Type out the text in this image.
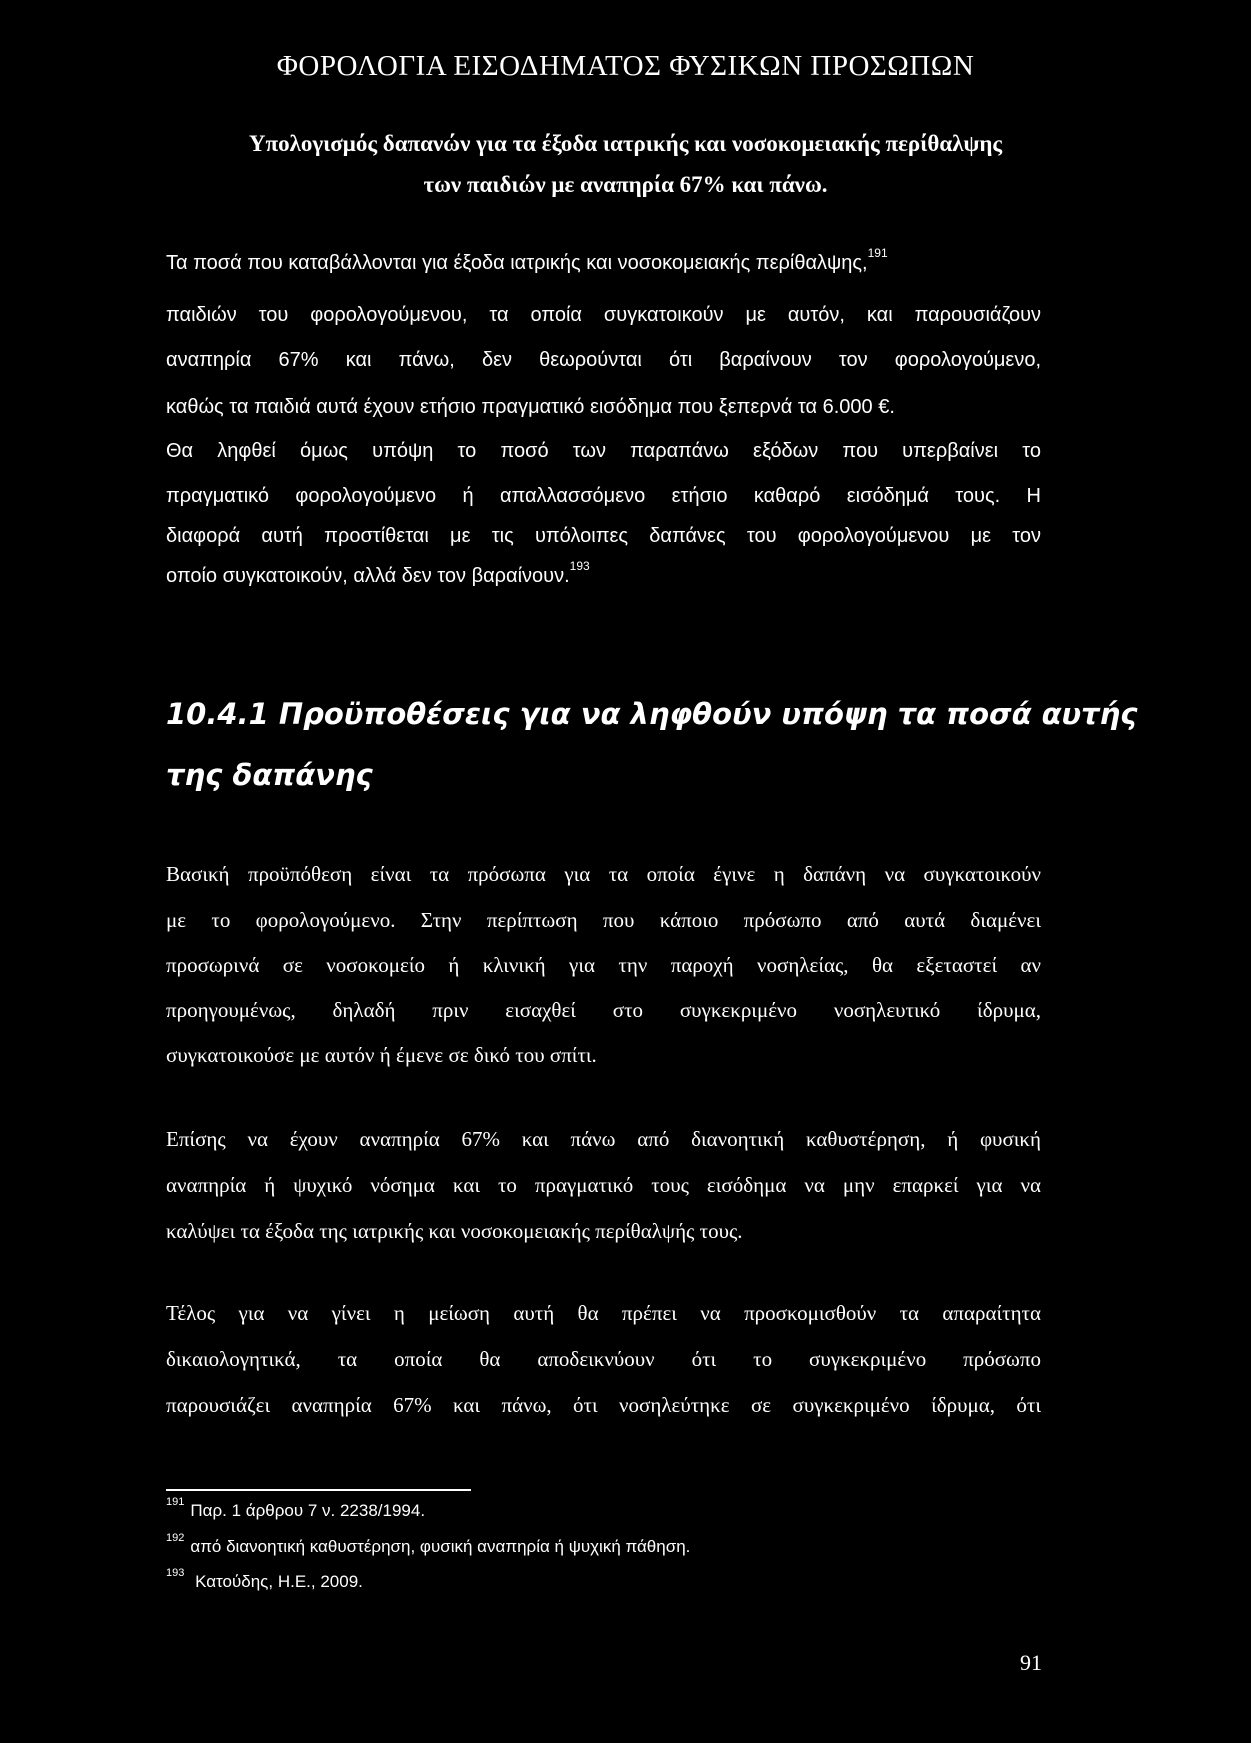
ΦΟΡΟΛΟΓΙΑ ΕΙΣΟΔΗΜΑΤΟΣ ΦΥΣΙΚΩΝ ΠΡΟΣΩΠΩΝ
Υπολογισμός δαπανών για τα έξοδα ιατρικής και νοσοκομειακής περίθαλψης
των παιδιών με αναπηρία 67% και πάνω.
Τα ποσά που καταβάλλονται για έξοδα ιατρικής και νοσοκομειακής περίθαλψης,$^{191}$
παιδιών του φορολογούμενου, τα οποία συγκατοικούν με αυτόν, και παρουσιάζουν
αναπηρία 67% και πάνω, δεν θεωρούνται ότι βαραίνουν τον φορολογούμενο,
καθώς τα παιδιά αυτά έχουν ετήσιο πραγματικό εισόδημα που ξεπερνά τα 6.000 €.
Θα ληφθεί όμως υπόψη το ποσό των παραπάνω εξόδων που υπερβαίνει το
πραγματικό φορολογούμενο ή απαλλασσόμενο ετήσιο καθαρό εισόδημά τους. Η
διαφορά αυτή προστίθεται με τις υπόλοιπες δαπάνες του φορολογούμενου με τον
οποίο συγκατοικούν, αλλά δεν τον βαραίνουν.$^{193}$
10.4.1 Προϋποθέσεις για να ληφθούν υπόψη τα ποσά αυτής
της δαπάνης
Βασική προϋπόθεση είναι τα πρόσωπα για τα οποία έγινε η δαπάνη να συγκατοικούν
με το φορολογούμενο. Στην περίπτωση που κάποιο πρόσωπο από αυτά διαμένει
προσωρινά σε νοσοκομείο ή κλινική για την παροχή νοσηλείας, θα εξεταστεί αν
προηγουμένως, δηλαδή πριν εισαχθεί στο συγκεκριμένο νοσηλευτικό ίδρυμα,
συγκατοικούσε με αυτόν ή έμενε σε δικό του σπίτι.
Επίσης να έχουν αναπηρία 67% και πάνω από διανοητική καθυστέρηση, ή φυσική
αναπηρία ή ψυχικό νόσημα και το πραγματικό τους εισόδημα να μην επαρκεί για να
καλύψει τα έξοδα της ιατρικής και νοσοκομειακής περίθαλψής τους.
Τέλος για να γίνει η μείωση αυτή θα πρέπει να προσκομισθούν τα απαραίτητα
δικαιολογητικά, τα οποία θα αποδεικνύουν ότι το συγκεκριμένο πρόσωπο
παρουσιάζει αναπηρία 67% και πάνω, ότι νοσηλεύτηκε σε συγκεκριμένο ίδρυμα, ότι
$^{191}$ Παρ. 1 άρθρου 7 ν. 2238/1994.
$^{192}$ από διανοητική καθυστέρηση, φυσική αναπηρία ή ψυχική πάθηση.
$^{193}$ Κατούδης, Η.Ε., 2009.
91
